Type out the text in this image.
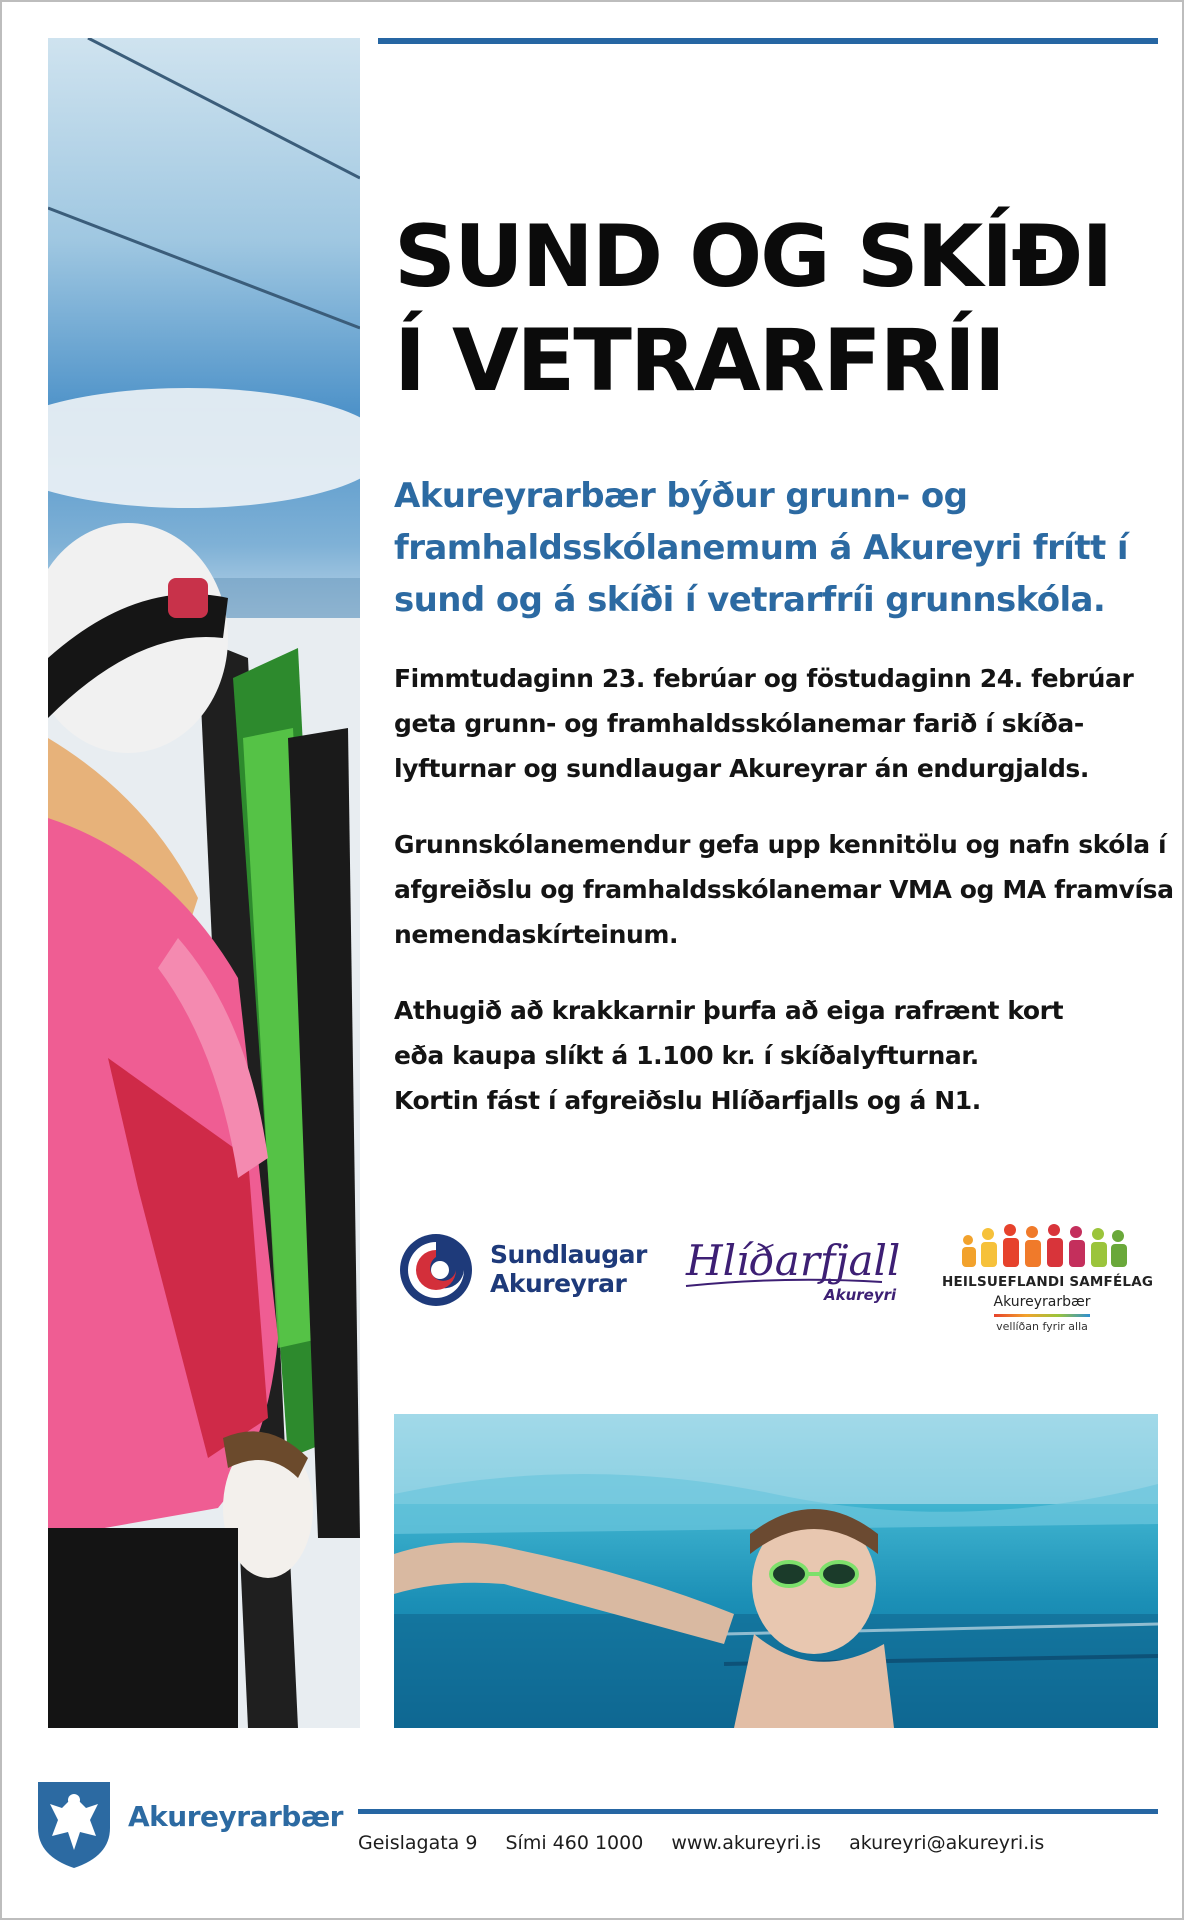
SUND OG SKÍÐI
Í VETRARFRÍI
Akureyrarbær býður grunn- og
framhaldsskólanemum á Akureyri frítt í
sund og á skíði í vetrarfríi grunnskóla.
Fimmtudaginn 23. febrúar og föstudaginn 24. febrúar
geta grunn- og framhaldsskólanemar farið í skíða-
lyfturnar og sundlaugar Akureyrar án endurgjalds.
Grunnskólanemendur gefa upp kennitölu og nafn skóla í
afgreiðslu og framhaldsskólanemar VMA og MA framvísa
nemendaskírteinum.
Athugið að krakkarnir þurfa að eiga rafrænt kort
eða kaupa slíkt á 1.100 kr. í skíðalyfturnar.
Kortin fást í afgreiðslu Hlíðarfjalls og á N1.
Sundlaugar
Akureyrar	Hlíðarfjall
Akureyri
HEILSUEFLANDI SAMFÉLAG
Akureyrarbær
vellíðan fyrir alla
Akureyrarbær
Geislagata 9 Sími 460 1000 www.akureyri.is akureyri@akureyri.is
